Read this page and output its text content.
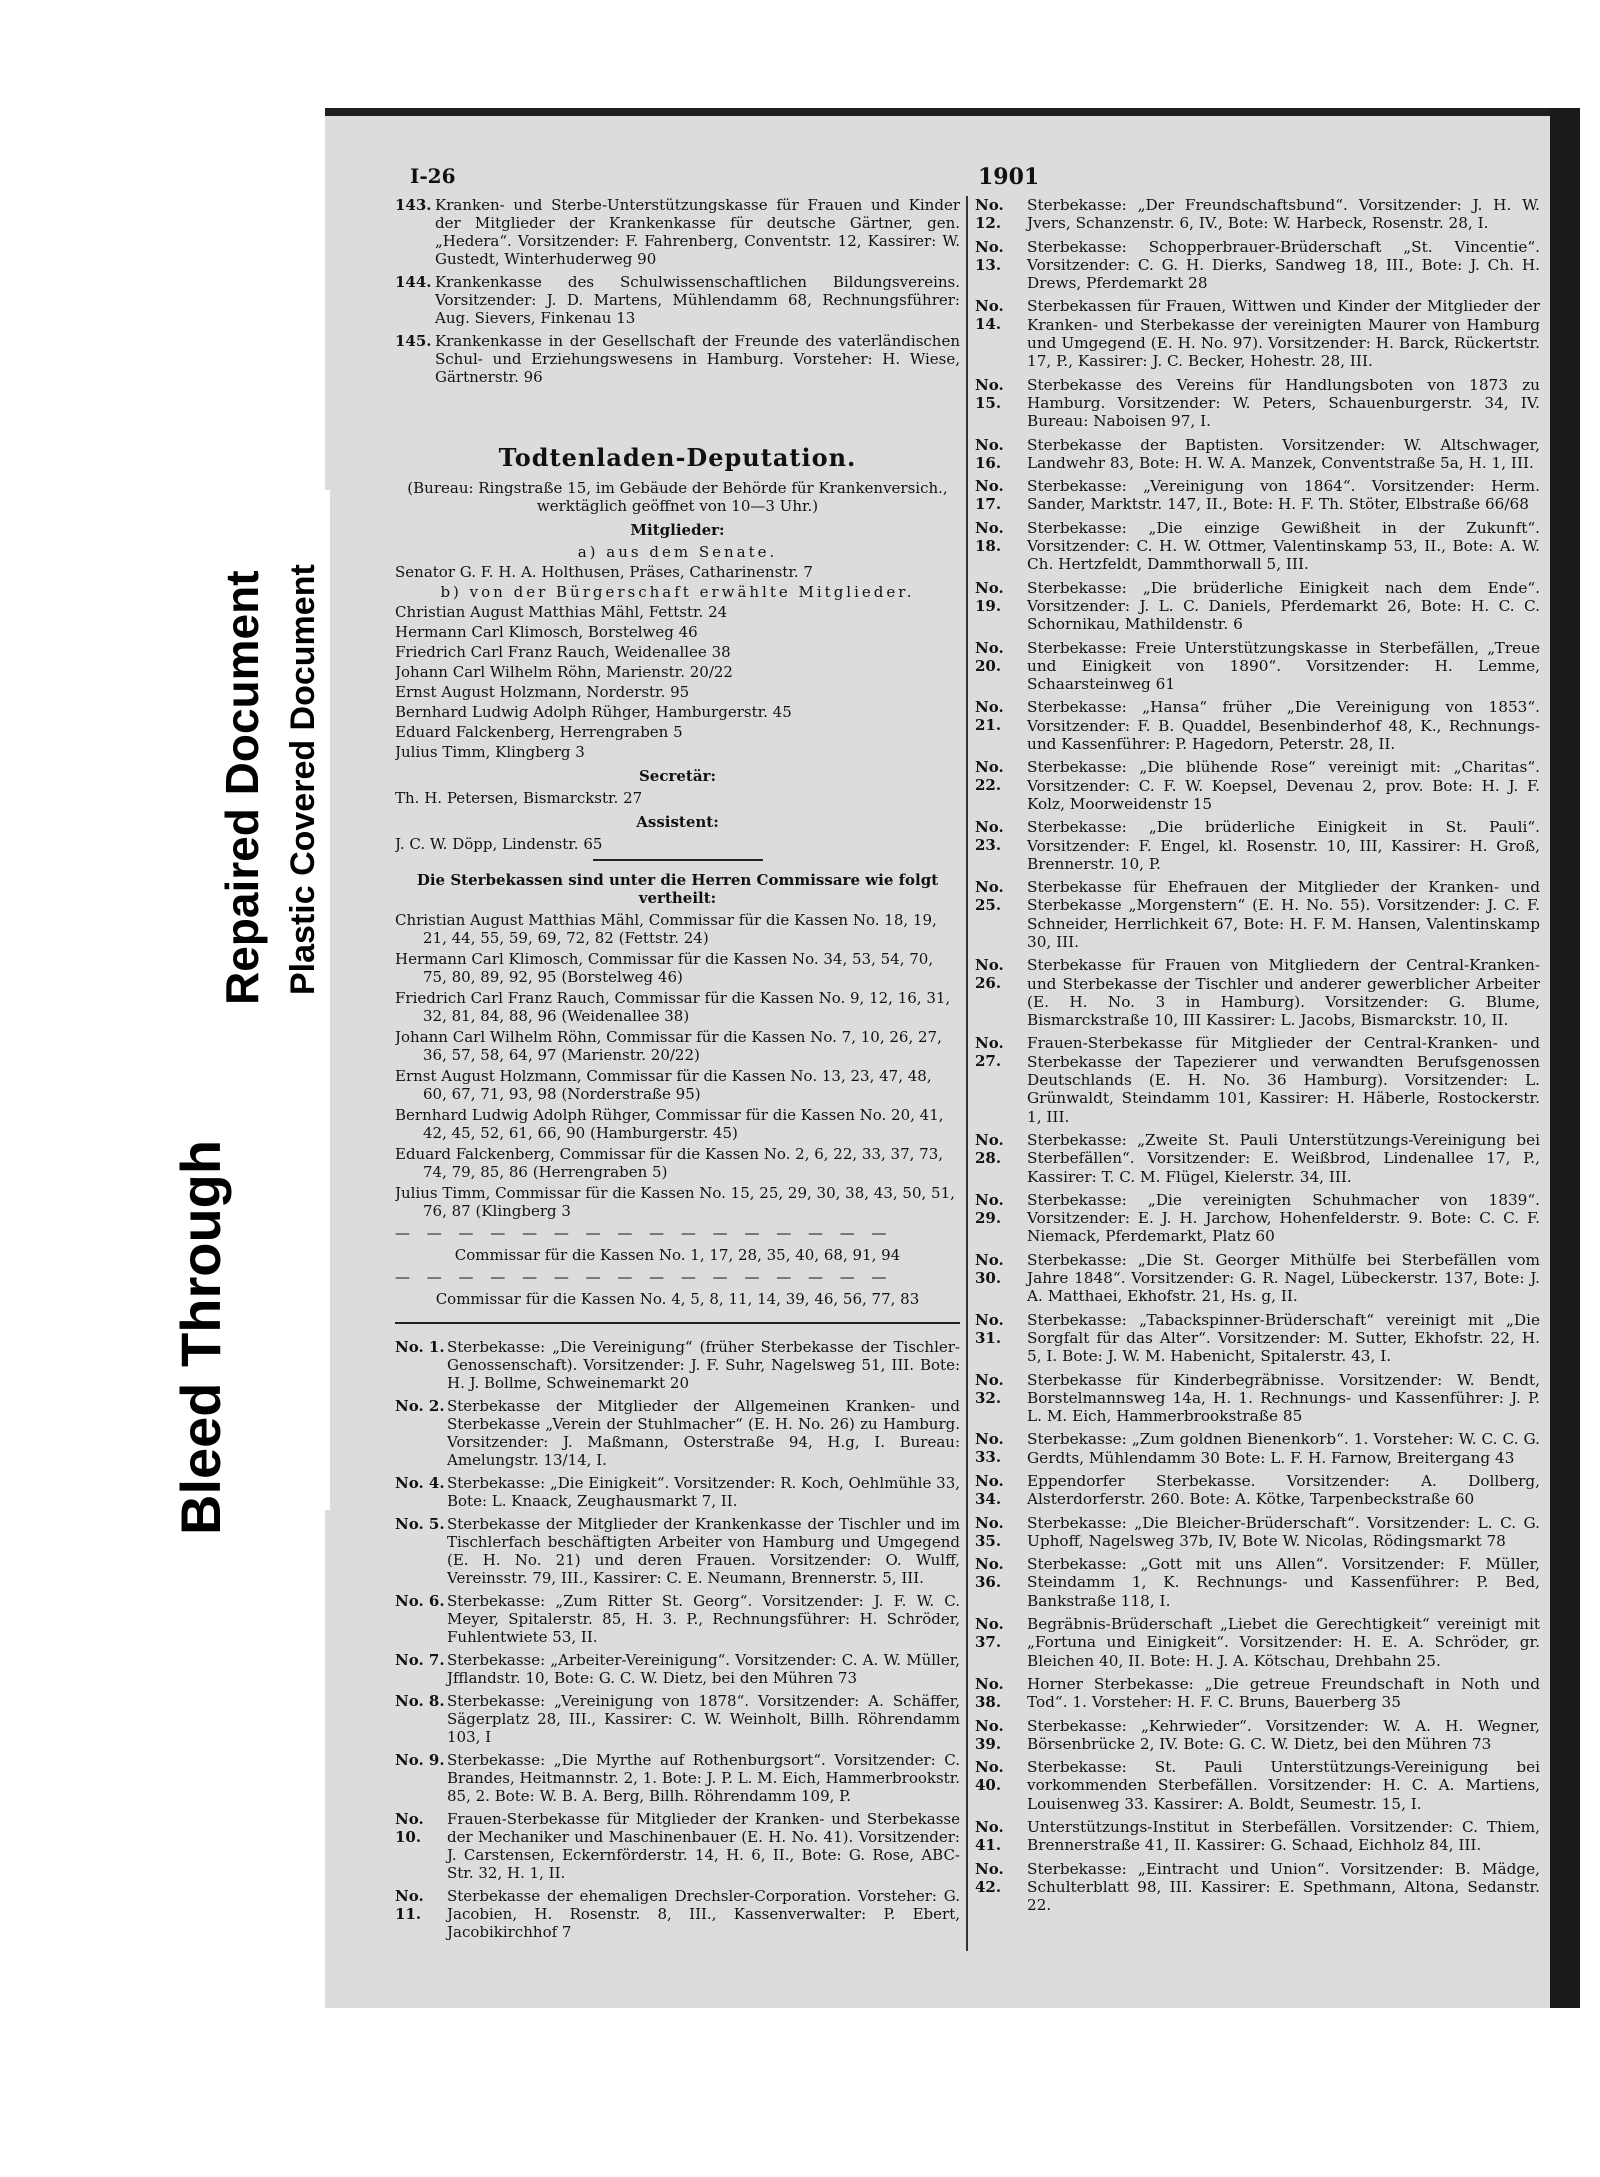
Bleed Through
Repaired Document Plastic Covered Document
I-26	1901
143. Kranken- und Sterbe-Unterstützungskasse für Frauen und Kinder der Mitglieder der Krankenkasse für deutsche Gärtner, gen. „Hedera“. Vorsitzender: F. Fahrenberg, Conventstr. 12, Kassirer: W. Gustedt, Winterhuderweg 90
144. Krankenkasse des Schulwissenschaftlichen Bildungsvereins. Vorsitzender: J. D. Martens, Mühlendamm 68, Rechnungsführer: Aug. Sievers, Finkenau 13
145. Krankenkasse in der Gesellschaft der Freunde des vaterländischen Schul- und Erziehungswesens in Hamburg. Vorsteher: H. Wiese, Gärtnerstr. 96
Todtenladen-Deputation.
(Bureau: Ringstraße 15, im Gebäude der Behörde für Krankenversich., werktäglich geöffnet von 10—3 Uhr.)
Mitglieder:
a) aus dem Senate.
Senator G. F. H. A. Holthusen, Präses, Catharinenstr. 7
b) von der Bürgerschaft erwählte Mitglieder.
Christian August Matthias Mähl, Fettstr. 24
Hermann Carl Klimosch, Borstelweg 46
Friedrich Carl Franz Rauch, Weidenallee 38
Johann Carl Wilhelm Röhn, Marienstr. 20/22
Ernst August Holzmann, Norderstr. 95
Bernhard Ludwig Adolph Rühger, Hamburgerstr. 45
Eduard Falckenberg, Herrengraben 5
Julius Timm, Klingberg 3
Secretär:
Th. H. Petersen, Bismarckstr. 27
Assistent:
J. C. W. Döpp, Lindenstr. 65
Die Sterbekassen sind unter die Herren Commissare wie folgt vertheilt:
Christian August Matthias Mähl, Commissar für die Kassen No. 18, 19, 21, 44, 55, 59, 69, 72, 82 (Fettstr. 24)
Hermann Carl Klimosch, Commissar für die Kassen No. 34, 53, 54, 70, 75, 80, 89, 92, 95 (Borstelweg 46)
Friedrich Carl Franz Rauch, Commissar für die Kassen No. 9, 12, 16, 31, 32, 81, 84, 88, 96 (Weidenallee 38)
Johann Carl Wilhelm Röhn, Commissar für die Kassen No. 7, 10, 26, 27, 36, 57, 58, 64, 97 (Marienstr. 20/22)
Ernst August Holzmann, Commissar für die Kassen No. 13, 23, 47, 48, 60, 67, 71, 93, 98 (Norderstraße 95)
Bernhard Ludwig Adolph Rühger, Commissar für die Kassen No. 20, 41, 42, 45, 52, 61, 66, 90 (Hamburgerstr. 45)
Eduard Falckenberg, Commissar für die Kassen No. 2, 6, 22, 33, 37, 73, 74, 79, 85, 86 (Herrengraben 5)
Julius Timm, Commissar für die Kassen No. 15, 25, 29, 30, 38, 43, 50, 51, 76, 87 (Klingberg 3
— — — — — — — — — — — — — — — —
Commissar für die Kassen No. 1, 17, 28, 35, 40, 68, 91, 94
— — — — — — — — — — — — — — — —
Commissar für die Kassen No. 4, 5, 8, 11, 14, 39, 46, 56, 77, 83
No. 1. Sterbekasse: „Die Vereinigung“ (früher Sterbekasse der Tischler-Genossenschaft). Vorsitzender: J. F. Suhr, Nagelsweg 51, III. Bote: H. J. Bollme, Schweinemarkt 20
No. 2. Sterbekasse der Mitglieder der Allgemeinen Kranken- und Sterbekasse „Verein der Stuhlmacher“ (E. H. No. 26) zu Hamburg. Vorsitzender: J. Maßmann, Osterstraße 94, H.g, I. Bureau: Amelungstr. 13/14, I.
No. 4. Sterbekasse: „Die Einigkeit“. Vorsitzender: R. Koch, Oehlmühle 33, Bote: L. Knaack, Zeughausmarkt 7, II.
No. 5. Sterbekasse der Mitglieder der Krankenkasse der Tischler und im Tischlerfach beschäftigten Arbeiter von Hamburg und Umgegend (E. H. No. 21) und deren Frauen. Vorsitzender: O. Wulff, Vereinsstr. 79, III., Kassirer: C. E. Neumann, Brennerstr. 5, III.
No. 6. Sterbekasse: „Zum Ritter St. Georg“. Vorsitzender: J. F. W. C. Meyer, Spitalerstr. 85, H. 3. P., Rechnungsführer: H. Schröder, Fuhlentwiete 53, II.
No. 7. Sterbekasse: „Arbeiter-Vereinigung“. Vorsitzender: C. A. W. Müller, Jfflandstr. 10, Bote: G. C. W. Dietz, bei den Mühren 73
No. 8. Sterbekasse: „Vereinigung von 1878“. Vorsitzender: A. Schäffer, Sägerplatz 28, III., Kassirer: C. W. Weinholt, Billh. Röhrendamm 103, I
No. 9. Sterbekasse: „Die Myrthe auf Rothenburgsort“. Vorsitzender: C. Brandes, Heitmannstr. 2, 1. Bote: J. P. L. M. Eich, Hammerbrookstr. 85, 2. Bote: W. B. A. Berg, Billh. Röhrendamm 109, P.
No. 10.
Frauen-Sterbekasse für Mitglieder der Kranken- und Sterbekasse der Mechaniker und Maschinenbauer (E. H. No. 41). Vorsitzender: J. Carstensen, Eckernförderstr. 14, H. 6, II., Bote: G. Rose, ABC-Str. 32, H. 1, II.
No. 11.
Sterbekasse der ehemaligen Drechsler-Corporation. Vorsteher: G. Jacobien, H. Rosenstr. 8, III., Kassenverwalter: P. Ebert, Jacobikirchhof 7
No. 12.
Sterbekasse: „Der Freundschaftsbund“. Vorsitzender: J. H. W. Jvers, Schanzenstr. 6, IV., Bote: W. Harbeck, Rosenstr. 28, I.
No. 13.
Sterbekasse: Schopperbrauer-Brüderschaft „St. Vincentie“. Vorsitzender: C. G. H. Dierks, Sandweg 18, III., Bote: J. Ch. H. Drews, Pferdemarkt 28
No. 14.
Sterbekassen für Frauen, Wittwen und Kinder der Mitglieder der Kranken- und Sterbekasse der vereinigten Maurer von Hamburg und Umgegend (E. H. No. 97). Vorsitzender: H. Barck, Rückertstr. 17, P., Kassirer: J. C. Becker, Hohestr. 28, III.
No. 15.
Sterbekasse des Vereins für Handlungsboten von 1873 zu Hamburg. Vorsitzender: W. Peters, Schauenburgerstr. 34, IV. Bureau: Naboisen 97, I.
No. 16.
Sterbekasse der Baptisten. Vorsitzender: W. Altschwager, Landwehr 83, Bote: H. W. A. Manzek, Conventstraße 5a, H. 1, III.
No. 17.
Sterbekasse: „Vereinigung von 1864“. Vorsitzender: Herm. Sander, Marktstr. 147, II., Bote: H. F. Th. Stöter, Elbstraße 66/68
No. 18.
Sterbekasse: „Die einzige Gewißheit in der Zukunft“. Vorsitzender: C. H. W. Ottmer, Valentinskamp 53, II., Bote: A. W. Ch. Hertzfeldt, Dammthorwall 5, III.
No. 19.
Sterbekasse: „Die brüderliche Einigkeit nach dem Ende“. Vorsitzender: J. L. C. Daniels, Pferdemarkt 26, Bote: H. C. C. Schornikau, Mathildenstr. 6
No. 20.
Sterbekasse: Freie Unterstützungskasse in Sterbefällen, „Treue und Einigkeit von 1890“. Vorsitzender: H. Lemme, Schaarsteinweg 61
No. 21.
Sterbekasse: „Hansa“ früher „Die Vereinigung von 1853“. Vorsitzender: F. B. Quaddel, Besenbinderhof 48, K., Rechnungs- und Kassenführer: P. Hagedorn, Peterstr. 28, II.
No. 22.
Sterbekasse: „Die blühende Rose“ vereinigt mit: „Charitas“. Vorsitzender: C. F. W. Koepsel, Devenau 2, prov. Bote: H. J. F. Kolz, Moorweidenstr 15
No. 23.
Sterbekasse: „Die brüderliche Einigkeit in St. Pauli“. Vorsitzender: F. Engel, kl. Rosenstr. 10, III, Kassirer: H. Groß, Brennerstr. 10, P.
No. 25.
Sterbekasse für Ehefrauen der Mitglieder der Kranken- und Sterbekasse „Morgenstern“ (E. H. No. 55). Vorsitzender: J. C. F. Schneider, Herrlichkeit 67, Bote: H. F. M. Hansen, Valentinskamp 30, III.
No. 26.
Sterbekasse für Frauen von Mitgliedern der Central-Kranken- und Sterbekasse der Tischler und anderer gewerblicher Arbeiter (E. H. No. 3 in Hamburg). Vorsitzender: G. Blume, Bismarckstraße 10, III Kassirer: L. Jacobs, Bismarckstr. 10, II.
No. 27.
Frauen-Sterbekasse für Mitglieder der Central-Kranken- und Sterbekasse der Tapezierer und verwandten Berufsgenossen Deutschlands (E. H. No. 36 Hamburg). Vorsitzender: L. Grünwaldt, Steindamm 101, Kassirer: H. Häberle, Rostockerstr. 1, III.
No. 28.
Sterbekasse: „Zweite St. Pauli Unterstützungs-Vereinigung bei Sterbefällen“. Vorsitzender: E. Weißbrod, Lindenallee 17, P., Kassirer: T. C. M. Flügel, Kielerstr. 34, III.
No. 29.
Sterbekasse: „Die vereinigten Schuhmacher von 1839“. Vorsitzender: E. J. H. Jarchow, Hohenfelderstr. 9. Bote: C. C. F. Niemack, Pferdemarkt, Platz 60
No. 30.
Sterbekasse: „Die St. Georger Mithülfe bei Sterbefällen vom Jahre 1848“. Vorsitzender: G. R. Nagel, Lübeckerstr. 137, Bote: J. A. Matthaei, Ekhofstr. 21, Hs. g, II.
No. 31.
Sterbekasse: „Tabackspinner-Brüderschaft“ vereinigt mit „Die Sorgfalt für das Alter“. Vorsitzender: M. Sutter, Ekhofstr. 22, H. 5, I. Bote: J. W. M. Habenicht, Spitalerstr. 43, I.
No. 32.
Sterbekasse für Kinderbegräbnisse. Vorsitzender: W. Bendt, Borstelmannsweg 14a, H. 1. Rechnungs- und Kassenführer: J. P. L. M. Eich, Hammerbrookstraße 85
No. 33.
Sterbekasse: „Zum goldnen Bienenkorb“. 1. Vorsteher: W. C. C. G. Gerdts, Mühlendamm 30 Bote: L. F. H. Farnow, Breitergang 43
No. 34.
Eppendorfer Sterbekasse. Vorsitzender: A. Dollberg, Alsterdorferstr. 260. Bote: A. Kötke, Tarpenbeckstraße 60
No. 35.
Sterbekasse: „Die Bleicher-Brüderschaft“. Vorsitzender: L. C. G. Uphoff, Nagelsweg 37b, IV, Bote W. Nicolas, Rödingsmarkt 78
No. 36.
Sterbekasse: „Gott mit uns Allen“. Vorsitzender: F. Müller, Steindamm 1, K. Rechnungs- und Kassenführer: P. Bed, Bankstraße 118, I.
No. 37.
Begräbnis-Brüderschaft „Liebet die Gerechtigkeit“ vereinigt mit „Fortuna und Einigkeit“. Vorsitzender: H. E. A. Schröder, gr. Bleichen 40, II. Bote: H. J. A. Kötschau, Drehbahn 25.
No. 38.
Horner Sterbekasse: „Die getreue Freundschaft in Noth und Tod“. 1. Vorsteher: H. F. C. Bruns, Bauerberg 35
No. 39.
Sterbekasse: „Kehrwieder“. Vorsitzender: W. A. H. Wegner, Börsenbrücke 2, IV. Bote: G. C. W. Dietz, bei den Mühren 73
No. 40.
Sterbekasse: St. Pauli Unterstützungs-Vereinigung bei vorkommenden Sterbefällen. Vorsitzender: H. C. A. Martiens, Louisenweg 33. Kassirer: A. Boldt, Seumestr. 15, I.
No. 41.
Unterstützungs-Institut in Sterbefällen. Vorsitzender: C. Thiem, Brennerstraße 41, II. Kassirer: G. Schaad, Eichholz 84, III.
No. 42.
Sterbekasse: „Eintracht und Union“. Vorsitzender: B. Mädge, Schulterblatt 98, III. Kassirer: E. Spethmann, Altona, Sedanstr. 22.
